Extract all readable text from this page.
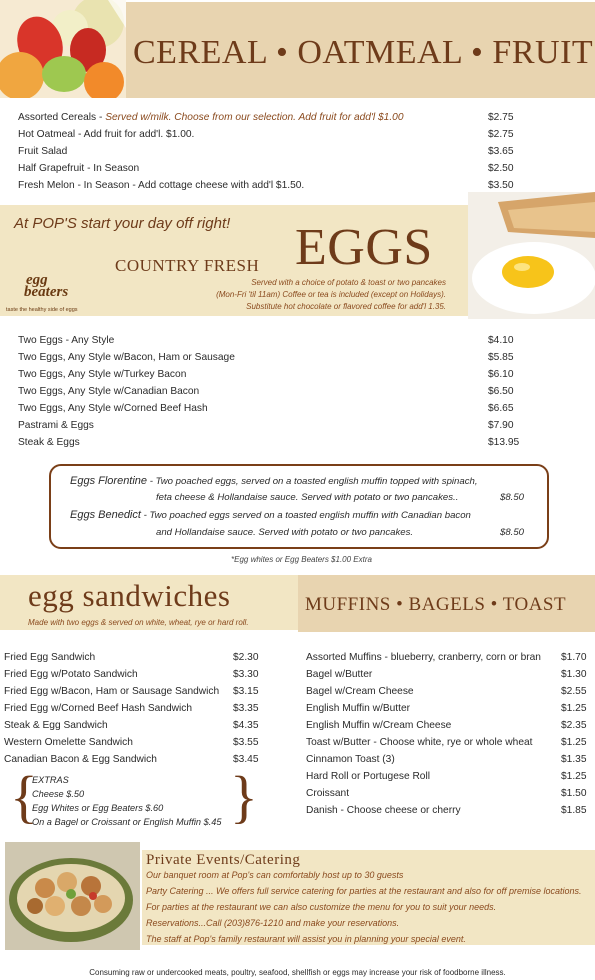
CEREAL • OATMEAL • FRUIT
Assorted Cereals - Served w/milk. Choose from our selection. Add fruit for add'l $1.00	$2.75
Hot Oatmeal - Add fruit for add'l. $1.00.	$2.75
Fruit Salad	$3.65
Half Grapefruit - In Season	$2.50
Fresh Melon - In Season - Add cottage cheese with add'l $1.50.	$3.50
At POP'S start your day off right!
COUNTRY FRESH EGGS
Served with a choice of potato & toast or two pancakes
(Mon-Fri 'til 11am) Coffee or tea is included (except on Holidays).
Substitute hot chocolate or flavored coffee for add'l 1.35.
egg
beaters
taste the healthy side of eggs
Two Eggs - Any Style	$4.10
Two Eggs, Any Style w/Bacon, Ham or Sausage	$5.85
Two Eggs, Any Style w/Turkey Bacon	$6.10
Two Eggs, Any Style w/Canadian Bacon	$6.50
Two Eggs, Any Style w/Corned Beef Hash	$6.65
Pastrami & Eggs	$7.90
Steak & Eggs	$13.95
Eggs Florentine - Two poached eggs, served on a toasted english muffin topped with spinach,
feta cheese & Hollandaise sauce. Served with potato or two pancakes..	$8.50
Eggs Benedict - Two poached eggs served on a toasted english muffin with Canadian bacon
and Hollandaise sauce. Served with potato or two pancakes.	$8.50
*Egg whites or Egg Beaters $1.00 Extra
egg sandwiches
Made with two eggs & served on white, wheat, rye or hard roll.
MUFFINS • BAGELS • TOAST
Fried Egg Sandwich	$2.30
Fried Egg w/Potato Sandwich	$3.30
Fried Egg w/Bacon, Ham or Sausage Sandwich $3.15
Fried Egg w/Corned Beef Hash Sandwich	$3.35
Steak & Egg Sandwich	$4.35
Western Omelette Sandwich	$3.55
Canadian Bacon & Egg Sandwich	$3.45
{	}
EXTRAS
Cheese $.50
Egg Whites or Egg Beaters $.60
On a Bagel or Croissant or English Muffin $.45
Assorted Muffins - blueberry, cranberry, corn or bran $1.70
Bagel w/Butter	$1.30
Bagel w/Cream Cheese	$2.55
English Muffin w/Butter	$1.25
English Muffin w/Cream Cheese	$2.35
Toast w/Butter - Choose white, rye or whole wheat	$1.25
Cinnamon Toast (3)	$1.35
Hard Roll or Portugese Roll	$1.25
Croissant	$1.50
Danish - Choose cheese or cherry	$1.85
Private Events/Catering
Our banquet room at Pop's can comfortably host up to 30 guests
Party Catering ... We offers full service catering for parties at the restaurant and also for off premise locations.
For parties at the restaurant we can also customize the menu for you to suit your needs.
Reservations...Call (203)876-1210 and make your reservations.
The staff at Pop's family restaurant will assist you in planning your special event.
Consuming raw or undercooked meats, poultry, seafood, shellfish or eggs may increase your risk of foodborne illness.
